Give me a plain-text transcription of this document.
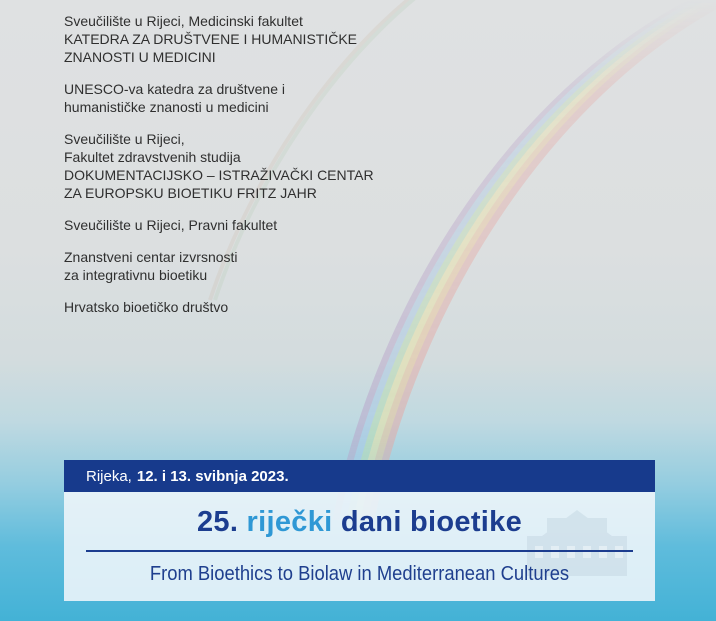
Sveučilište u Rijeci, Medicinski fakultet
KATEDRA ZA DRUŠTVENE I HUMANISTIČKE
ZNANOSTI U MEDICINI
UNESCO-va katedra za društvene i
humanističke znanosti u medicini
Sveučilište u Rijeci,
Fakultet zdravstvenih studija
DOKUMENTACIJSKO – ISTRAŽIVAČKI CENTAR
ZA EUROPSKU BIOETIKU FRITZ JAHR
Sveučilište u Rijeci, Pravni fakultet
Znanstveni centar izvrsnosti
za integrativnu bioetiku
Hrvatsko bioetičko društvo
Rijeka, 12. i 13. svibnja 2023.
25. riječki dani bioetike
From Bioethics to Biolaw in Mediterranean Cultures
